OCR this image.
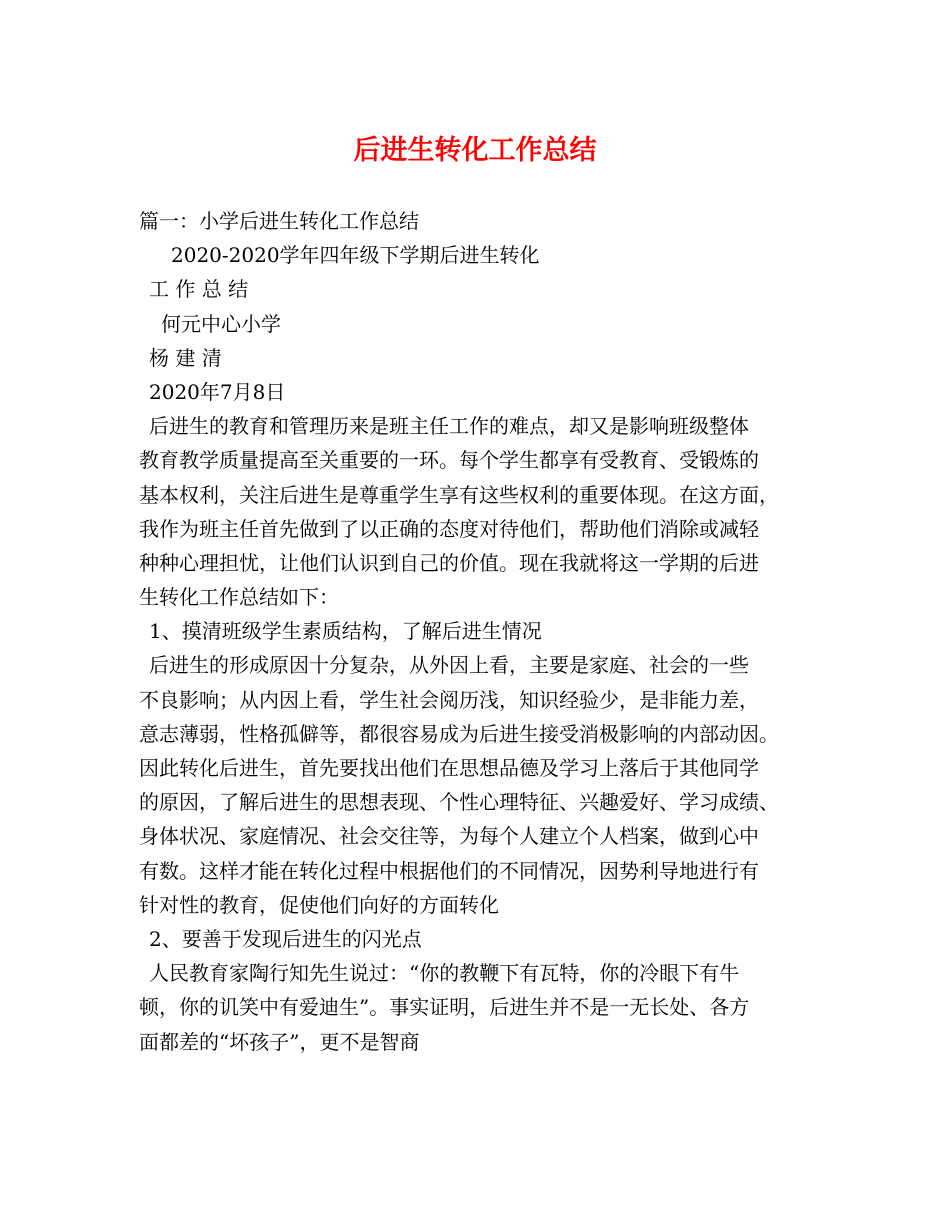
后进生转化工作总结
篇一：小学后进生转化工作总结
2020-2020学年四年级下学期后进生转化
工 作 总 结
何元中心小学
杨 建 清
2020年7月8日
后进生的教育和管理历来是班主任工作的难点，却又是影响班级整体
教育教学质量提高至关重要的一环。每个学生都享有受教育、受锻炼的
基本权利，关注后进生是尊重学生享有这些权利的重要体现。在这方面，
我作为班主任首先做到了以正确的态度对待他们，帮助他们消除或减轻
种种心理担忧，让他们认识到自己的价值。现在我就将这一学期的后进
生转化工作总结如下：
1、摸清班级学生素质结构，了解后进生情况
后进生的形成原因十分复杂，从外因上看，主要是家庭、社会的一些
不良影响；从内因上看，学生社会阅历浅，知识经验少，是非能力差，
意志薄弱，性格孤僻等，都很容易成为后进生接受消极影响的内部动因。
因此转化后进生，首先要找出他们在思想品德及学习上落后于其他同学
的原因，了解后进生的思想表现、个性心理特征、兴趣爱好、学习成绩、
身体状况、家庭情况、社会交往等，为每个人建立个人档案，做到心中
有数。这样才能在转化过程中根据他们的不同情况，因势利导地进行有
针对性的教育，促使他们向好的方面转化
2、要善于发现后进生的闪光点
人民教育家陶行知先生说过：“你的教鞭下有瓦特，你的冷眼下有牛
顿，你的讥笑中有爱迪生”。事实证明，后进生并不是一无长处、各方
面都差的“坏孩子”，更不是智商
